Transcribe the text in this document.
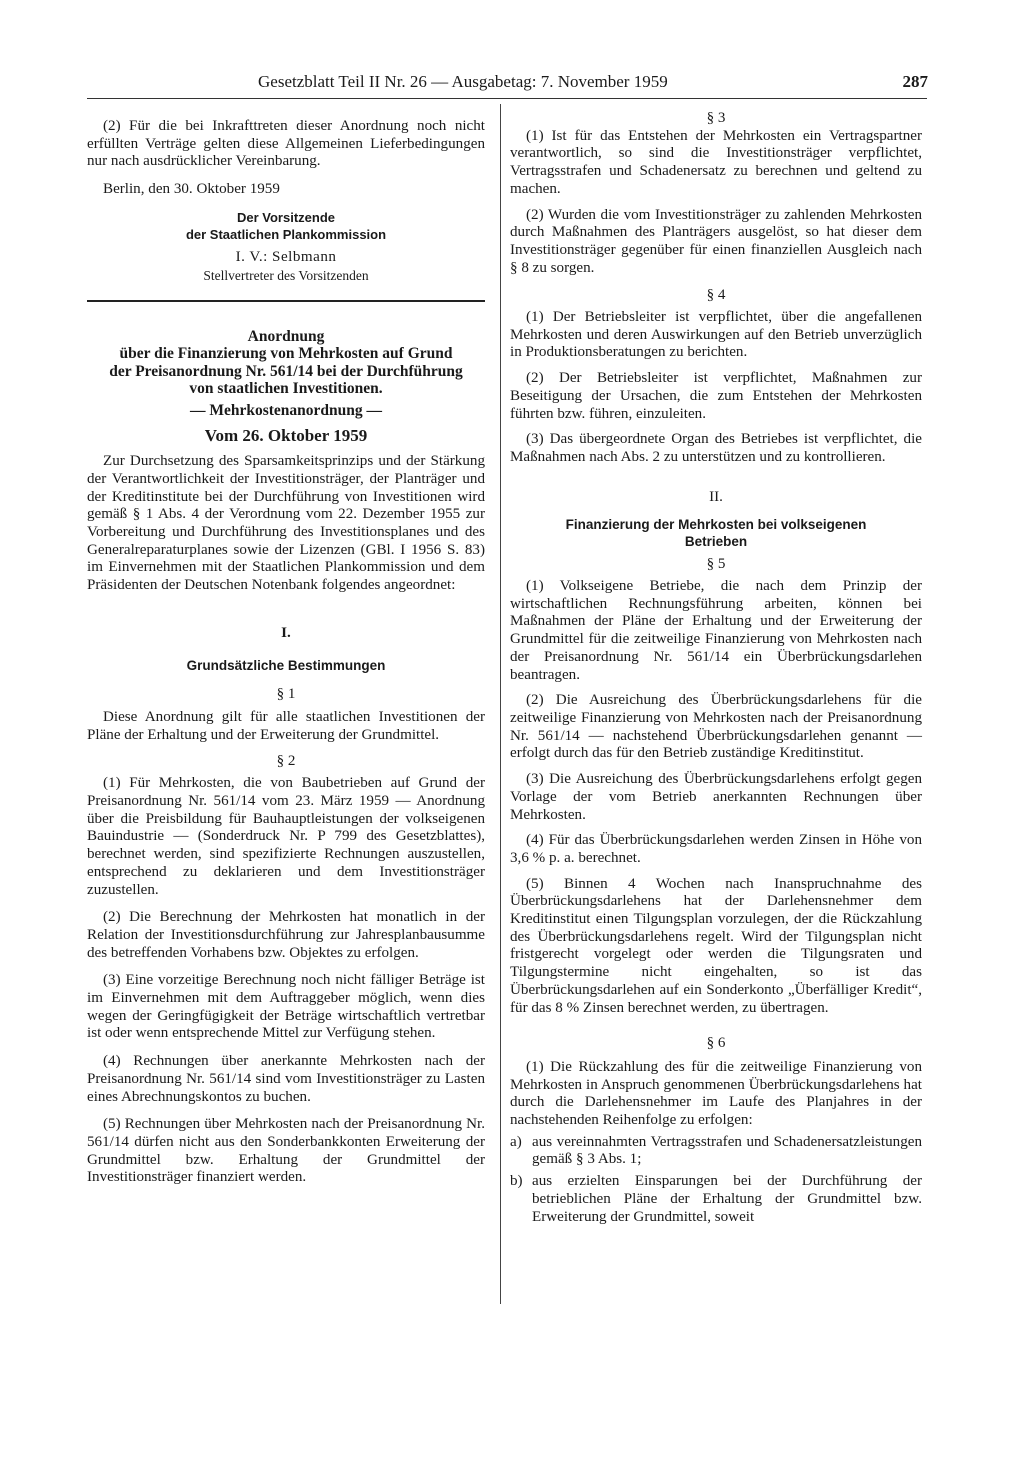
Gesetzblatt Teil II Nr. 26 — Ausgabetag: 7. November 1959	287

(2) Für die bei Inkrafttreten dieser Anordnung noch nicht erfüllten Verträge gelten diese Allgemeinen Lieferbedingungen nur nach ausdrücklicher Vereinbarung.

Berlin, den 30. Oktober 1959

Der Vorsitzende

der Staatlichen Plankommission

I. V.: Selbmann

Stellvertreter des Vorsitzenden

Anordnung

über die Finanzierung von Mehrkosten auf Grund

der Preisanordnung Nr. 561/14 bei der Durchführung

von staatlichen Investitionen.

— Mehrkostenanordnung —

Vom 26. Oktober 1959

Zur Durchsetzung des Sparsamkeitsprinzips und der Stärkung der Verantwortlichkeit der Investitionsträger, der Planträger und der Kreditinstitute bei der Durchführung von Investitionen wird gemäß § 1 Abs. 4 der Verordnung vom 22. Dezember 1955 zur Vorbereitung und Durchführung des Investitionsplanes und des Generalreparaturplanes sowie der Lizenzen (GBl. I 1956 S. 83) im Einvernehmen mit der Staatlichen Plankommission und dem Präsidenten der Deutschen Notenbank folgendes angeordnet:

I.

Grundsätzliche Bestimmungen

§ 1

Diese Anordnung gilt für alle staatlichen Investitionen der Pläne der Erhaltung und der Erweiterung der Grundmittel.

§ 2

(1) Für Mehrkosten, die von Baubetrieben auf Grund der Preisanordnung Nr. 561/14 vom 23. März 1959 — Anordnung über die Preisbildung für Bauhauptleistungen der volkseigenen Bauindustrie — (Sonderdruck Nr. P 799 des Gesetzblattes), berechnet werden, sind spezifizierte Rechnungen auszustellen, entsprechend zu deklarieren und dem Investitionsträger zuzustellen.

(2) Die Berechnung der Mehrkosten hat monatlich in der Relation der Investitionsdurchführung zur Jahresplanbausumme des betreffenden Vorhabens bzw. Objektes zu erfolgen.

(3) Eine vorzeitige Berechnung noch nicht fälliger Beträge ist im Einvernehmen mit dem Auftraggeber möglich, wenn dies wegen der Geringfügigkeit der Beträge wirtschaftlich vertretbar ist oder wenn entsprechende Mittel zur Verfügung stehen.

(4) Rechnungen über anerkannte Mehrkosten nach der Preisanordnung Nr. 561/14 sind vom Investitionsträger zu Lasten eines Abrechnungskontos zu buchen.

(5) Rechnungen über Mehrkosten nach der Preisanordnung Nr. 561/14 dürfen nicht aus den Sonderbankkonten Erweiterung der Grundmittel bzw. Erhaltung der Grundmittel der Investitionsträger finanziert werden.

§ 3

(1) Ist für das Entstehen der Mehrkosten ein Vertragspartner verantwortlich, so sind die Investitionsträger verpflichtet, Vertragsstrafen und Schadenersatz zu berechnen und geltend zu machen.

(2) Wurden die vom Investitionsträger zu zahlenden Mehrkosten durch Maßnahmen des Planträgers ausgelöst, so hat dieser dem Investitionsträger gegenüber für einen finanziellen Ausgleich nach § 8 zu sorgen.

§ 4

(1) Der Betriebsleiter ist verpflichtet, über die angefallenen Mehrkosten und deren Auswirkungen auf den Betrieb unverzüglich in Produktionsberatungen zu berichten.

(2) Der Betriebsleiter ist verpflichtet, Maßnahmen zur Beseitigung der Ursachen, die zum Entstehen der Mehrkosten führten bzw. führen, einzuleiten.

(3) Das übergeordnete Organ des Betriebes ist verpflichtet, die Maßnahmen nach Abs. 2 zu unterstützen und zu kontrollieren.

II.

Finanzierung der Mehrkosten bei volkseigenen

Betrieben

§ 5

(1) Volkseigene Betriebe, die nach dem Prinzip der wirtschaftlichen Rechnungsführung arbeiten, können bei Maßnahmen der Pläne der Erhaltung und der Erweiterung der Grundmittel für die zeitweilige Finanzierung von Mehrkosten nach der Preisanordnung Nr. 561/14 ein Überbrückungsdarlehen beantragen.

(2) Die Ausreichung des Überbrückungsdarlehens für die zeitweilige Finanzierung von Mehrkosten nach der Preisanordnung Nr. 561/14 — nachstehend Überbrückungsdarlehen genannt — erfolgt durch das für den Betrieb zuständige Kreditinstitut.

(3) Die Ausreichung des Überbrückungsdarlehens erfolgt gegen Vorlage der vom Betrieb anerkannten Rechnungen über Mehrkosten.

(4) Für das Überbrückungsdarlehen werden Zinsen in Höhe von 3,6 % p. a. berechnet.

(5) Binnen 4 Wochen nach Inanspruchnahme des Überbrückungsdarlehens hat der Darlehensnehmer dem Kreditinstitut einen Tilgungsplan vorzulegen, der die Rückzahlung des Überbrückungsdarlehens regelt. Wird der Tilgungsplan nicht fristgerecht vorgelegt oder werden die Tilgungsraten und Tilgungstermine nicht eingehalten, so ist das Überbrückungsdarlehen auf ein Sonderkonto „Überfälliger Kredit“, für das 8 % Zinsen berechnet werden, zu übertragen.

§ 6

(1) Die Rückzahlung des für die zeitweilige Finanzierung von Mehrkosten in Anspruch genommenen Überbrückungsdarlehens hat durch die Darlehensnehmer im Laufe des Planjahres in der nachstehenden Reihenfolge zu erfolgen:

a) aus vereinnahmten Vertragsstrafen und Schadenersatzleistungen gemäß § 3 Abs. 1;
b) aus erzielten Einsparungen bei der Durchführung der betrieblichen Pläne der Erhaltung der Grundmittel bzw. Erweiterung der Grundmittel, soweit
